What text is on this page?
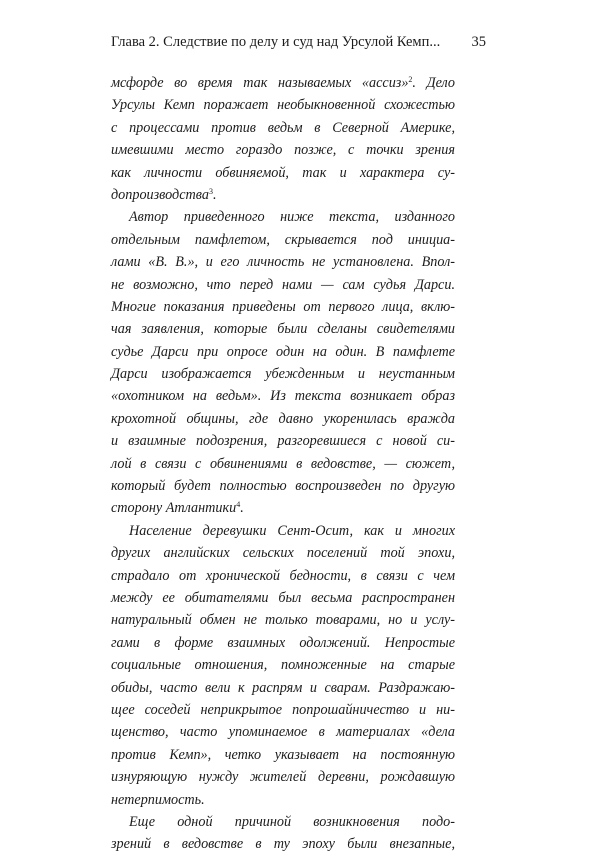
Глава 2. Следствие по делу и суд над Урсулой Кемп... 35
мсфорде во время так называемых «ассиз»$^2$. Дело
Урсулы Кемп поражает необыкновенной схожестью
с процессами против ведьм в Северной Америке,
имевшими место гораздо позже, с точки зрения
как личности обвиняемой, так и характера су-
допроизводства$^3$.
Автор приведенного ниже текста, изданного
отдельным памфлетом, скрывается под инициа-
лами «В. В.», и его личность не установлена. Впол-
не возможно, что перед нами — сам судья Дарси.
Многие показания приведены от первого лица, вклю-
чая заявления, которые были сделаны свидетелями
судье Дарси при опросе один на один. В памфлете
Дарси изображается убежденным и неустанным
«охотником на ведьм». Из текста возникает образ
крохотной общины, где давно укоренилась вражда
и взаимные подозрения, разгоревшиеся с новой си-
лой в связи с обвинениями в ведовстве, — сюжет,
который будет полностью воспроизведен по другую
сторону Атлантики$^4$.
Население деревушки Сент-Осит, как и многих
других английских сельских поселений той эпохи,
страдало от хронической бедности, в связи с чем
между ее обитателями был весьма распространен
натуральный обмен не только товарами, но и услу-
гами в форме взаимных одолжений. Непростые
социальные отношения, помноженные на старые
обиды, часто вели к распрям и сварам. Раздражаю-
щее соседей неприкрытое попрошайничество и ни-
щенство, часто упоминаемое в материалах «дела
против Кемп», четко указывает на постоянную
изнуряющую нужду жителей деревни, рождавшую
нетерпимость.
Еще одной причиной возникновения подо-
зрений в ведовстве в ту эпоху были внезапные,
